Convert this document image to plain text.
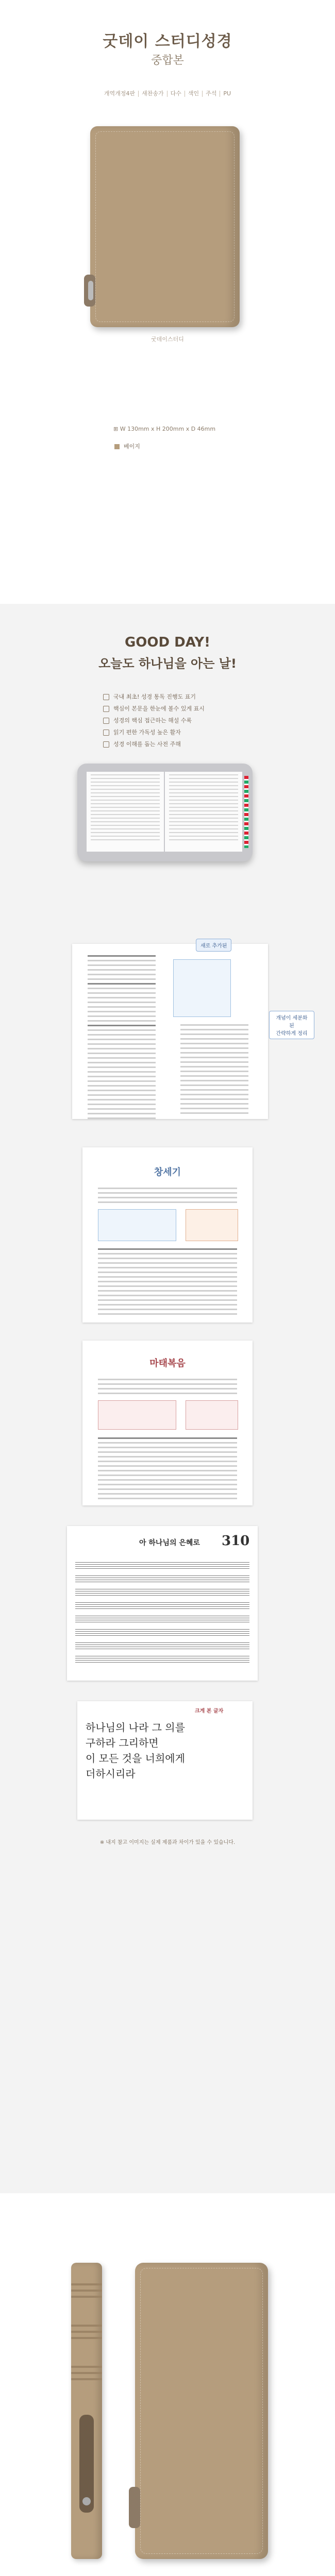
굿데이 스터디성경
중합본
개역개정4판 새찬송가 다수 색인 주석 PU
굿데이스터디
⊞ W 130mm x H 200mm x D 46mm
베이지
GOOD DAY!
오늘도 하나님을 아는 날!
국내 최초! 성경 통독 진행도 표기
핵심이 본문을 한눈에 볼수 있게 표시
성경의 핵심 접근하는 해설 수록
읽기 편한 가독성 높은 활자
성경 이해를 돕는 사전 주해
새로 추가된
개념이 세분화된
간략하게 정리
창세기
마태복음
아 하나님의 은혜로 310
크게 본 글자
하나님의 나라 그 의를
구하라 그리하면
이 모든 것을 너희에게
더하시리라
※ 내지 참고 이미지는 실제 제품과 차이가 있을 수 있습니다.
